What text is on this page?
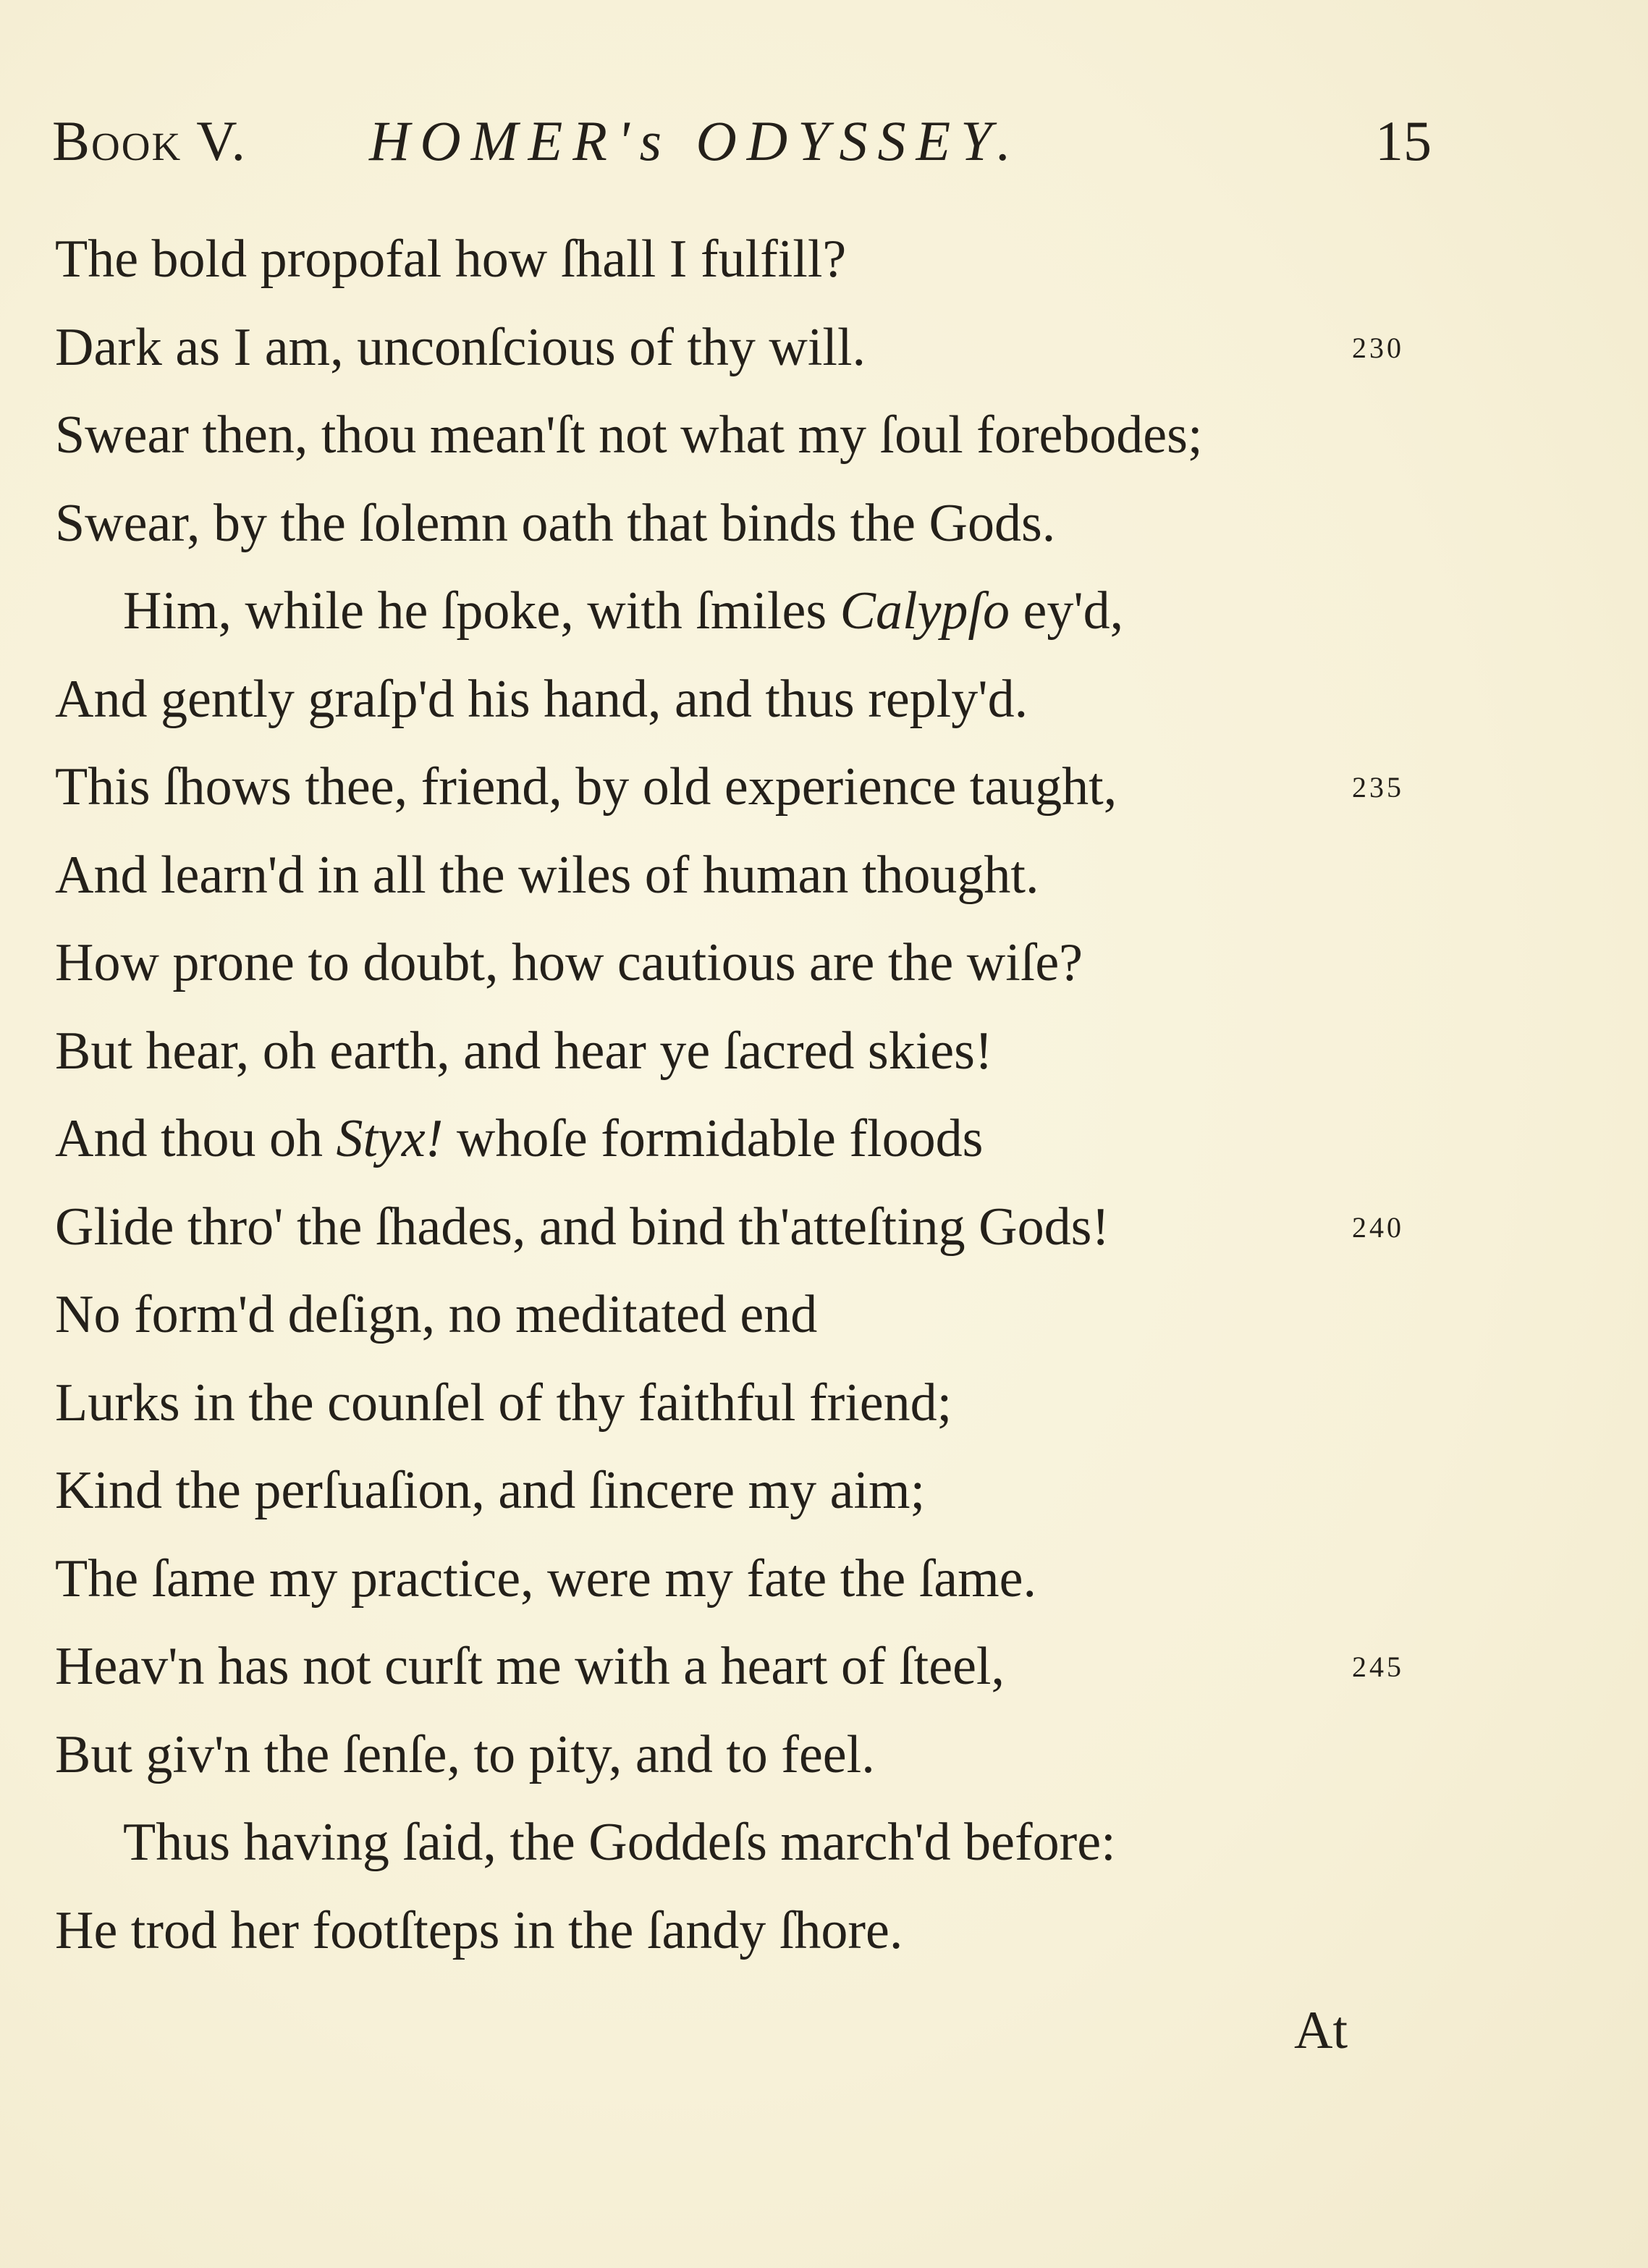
Book V. HOMER's ODYSSEY.	15
The bold propofal how ſhall I fulfill?
Dark as I am, unconſcious of thy will.	230
Swear then, thou mean'ſt not what my ſoul forebodes;
Swear, by the ſolemn oath that binds the Gods.
Him, while he ſpoke, with ſmiles Calypſo ey'd,
And gently graſp'd his hand, and thus reply'd.
This ſhows thee, friend, by old experience taught,	235
And learn'd in all the wiles of human thought.
How prone to doubt, how cautious are the wiſe?
But hear, oh earth, and hear ye ſacred skies!
And thou oh Styx! whoſe formidable floods
Glide thro' the ſhades, and bind th'atteſting Gods!	240
No form'd deſign, no meditated end
Lurks in the counſel of thy faithful friend;
Kind the perſuaſion, and ſincere my aim;
The ſame my practice, were my fate the ſame.
Heav'n has not curſt me with a heart of ſteel,	245
But giv'n the ſenſe, to pity, and to feel.
Thus having ſaid, the Goddeſs march'd before:
He trod her footſteps in the ſandy ſhore.
At
